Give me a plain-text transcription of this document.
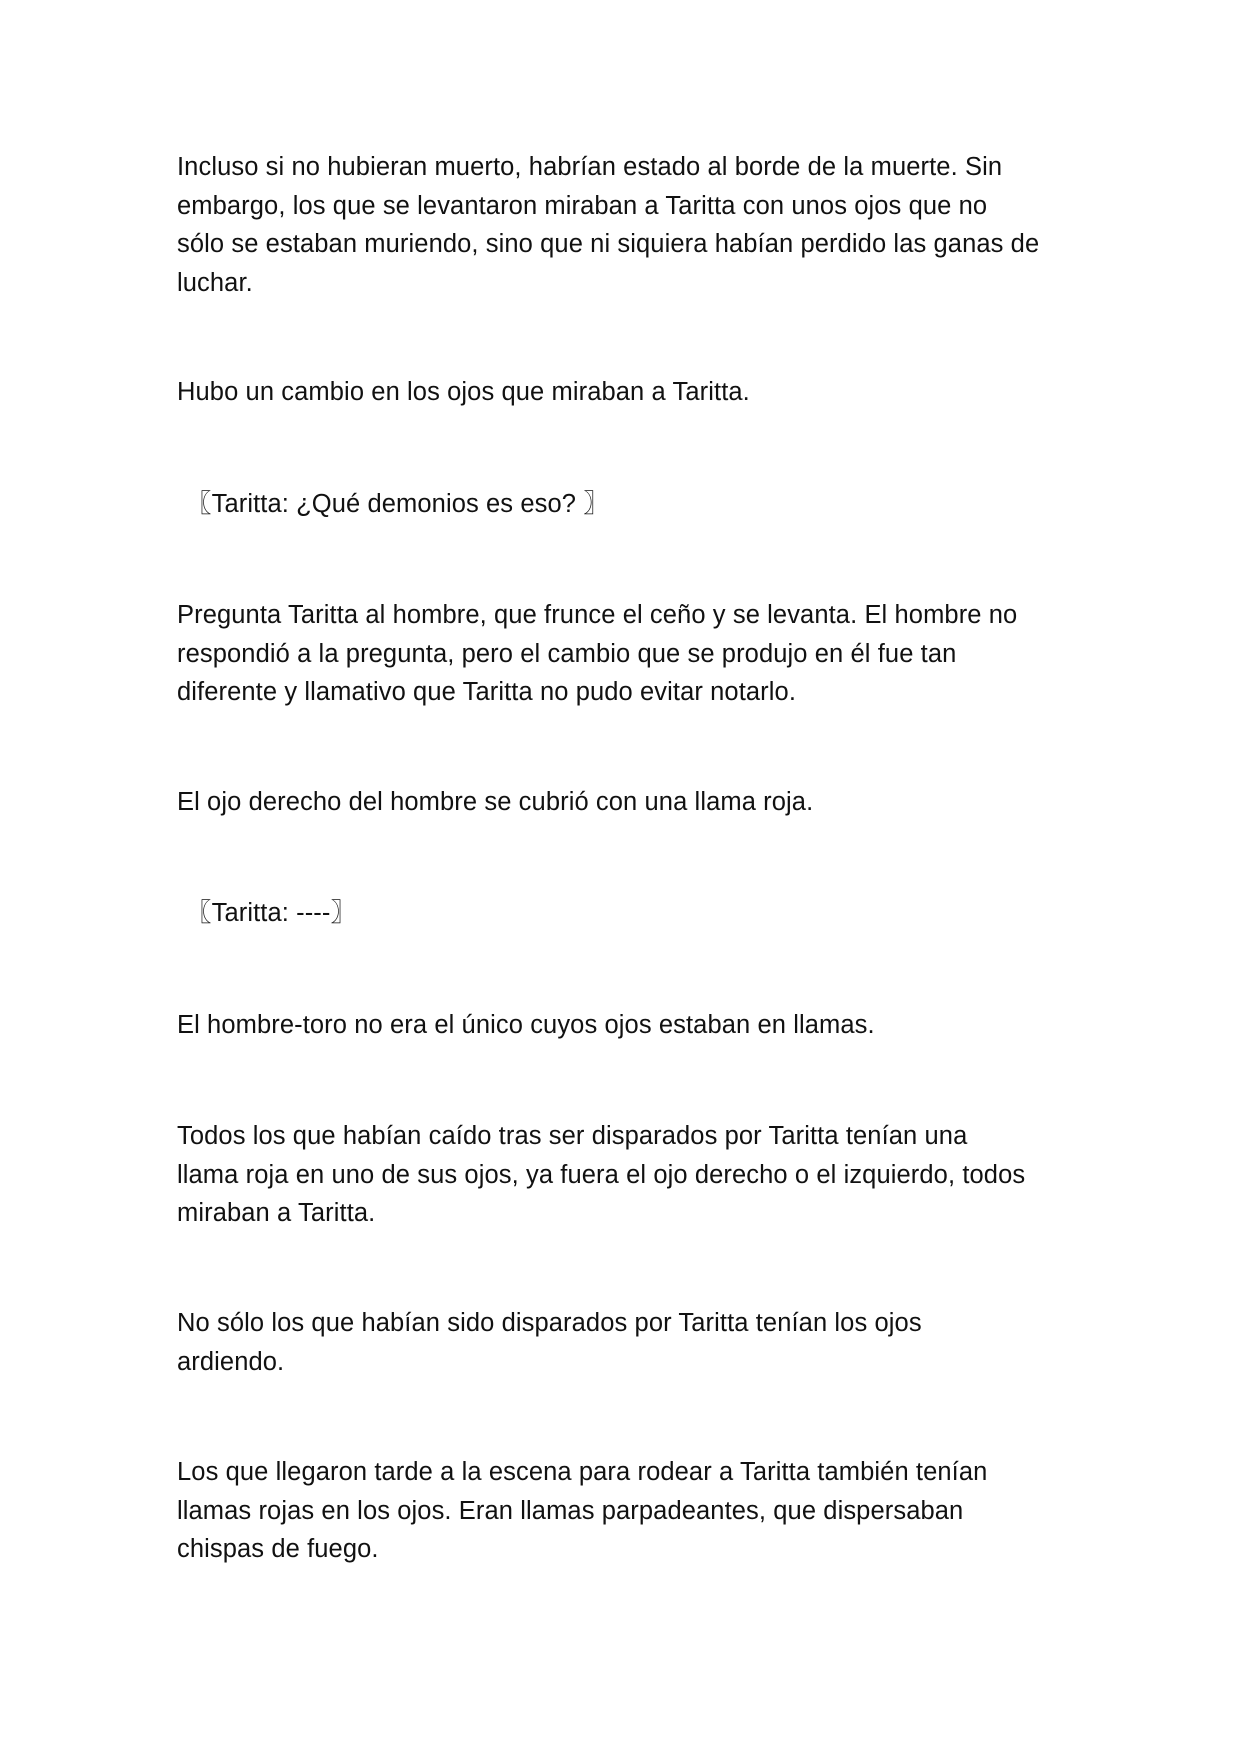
Incluso si no hubieran muerto, habrían estado al borde de la muerte. Sin
embargo, los que se levantaron miraban a Taritta con unos ojos que no
sólo se estaban muriendo, sino que ni siquiera habían perdido las ganas de
luchar.

Hubo un cambio en los ojos que miraban a Taritta.

〖Taritta: ¿Qué demonios es eso? 〗

Pregunta Taritta al hombre, que frunce el ceño y se levanta. El hombre no
respondió a la pregunta, pero el cambio que se produjo en él fue tan
diferente y llamativo que Taritta no pudo evitar notarlo.

El ojo derecho del hombre se cubrió con una llama roja.

〖Taritta: ----〗

El hombre-toro no era el único cuyos ojos estaban en llamas.

Todos los que habían caído tras ser disparados por Taritta tenían una
llama roja en uno de sus ojos, ya fuera el ojo derecho o el izquierdo, todos
miraban a Taritta.

No sólo los que habían sido disparados por Taritta tenían los ojos
ardiendo.

Los que llegaron tarde a la escena para rodear a Taritta también tenían
llamas rojas en los ojos. Eran llamas parpadeantes, que dispersaban
chispas de fuego.
